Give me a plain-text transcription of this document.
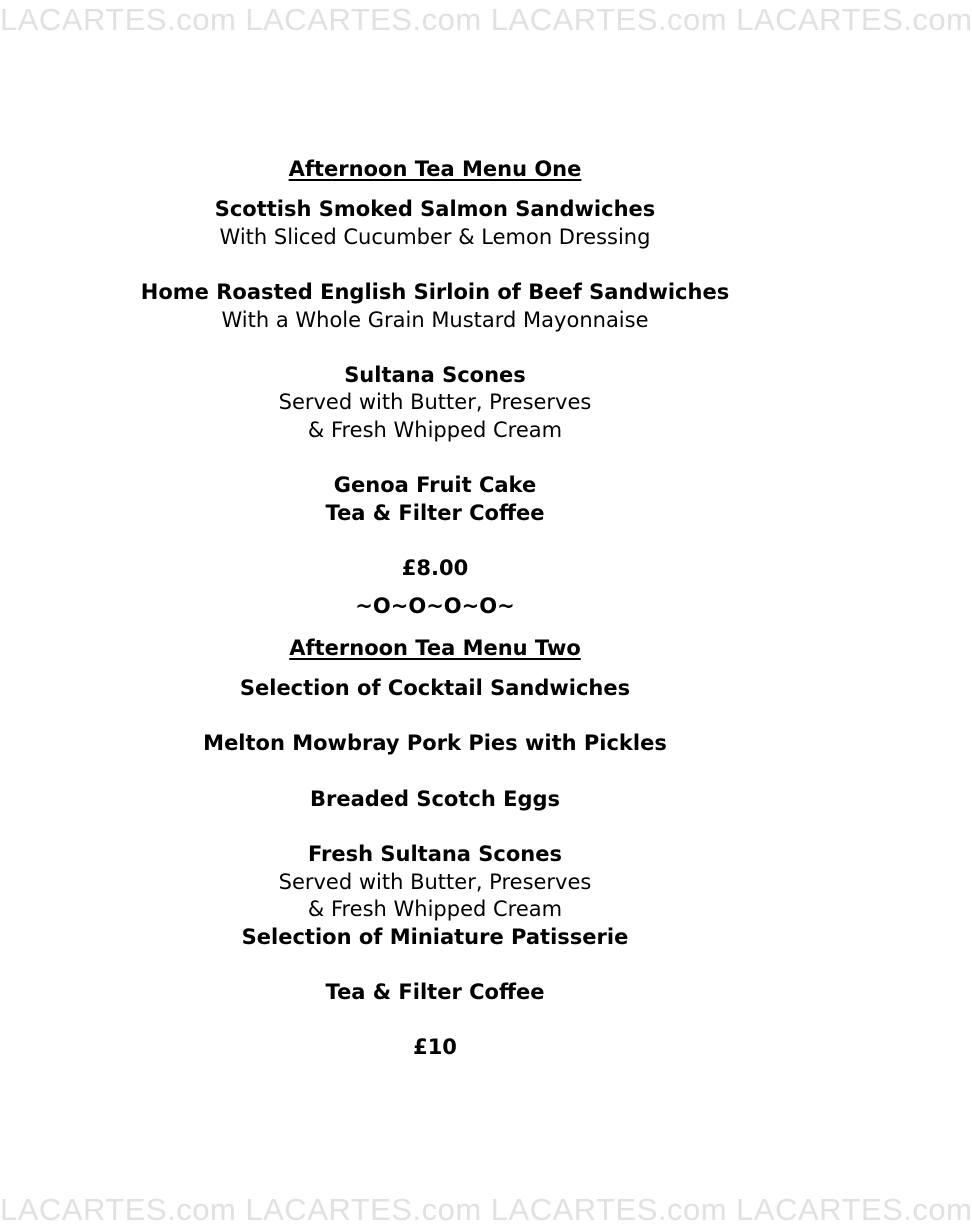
LACARTES.com LACARTES.com LACARTES.com LACARTES.com
Afternoon Tea Menu One
Scottish Smoked Salmon Sandwiches
With Sliced Cucumber & Lemon Dressing
Home Roasted English Sirloin of Beef Sandwiches
With a Whole Grain Mustard Mayonnaise
Sultana Scones
Served with Butter, Preserves
& Fresh Whipped Cream
Genoa Fruit Cake
Tea & Filter Coffee
£8.00
~O~O~O~O~
Afternoon Tea Menu Two
Selection of Cocktail Sandwiches
Melton Mowbray Pork Pies with Pickles
Breaded Scotch Eggs
Fresh Sultana Scones
Served with Butter, Preserves
& Fresh Whipped Cream
Selection of Miniature Patisserie
Tea & Filter Coffee
£10
LACARTES.com LACARTES.com LACARTES.com LACARTES.com
